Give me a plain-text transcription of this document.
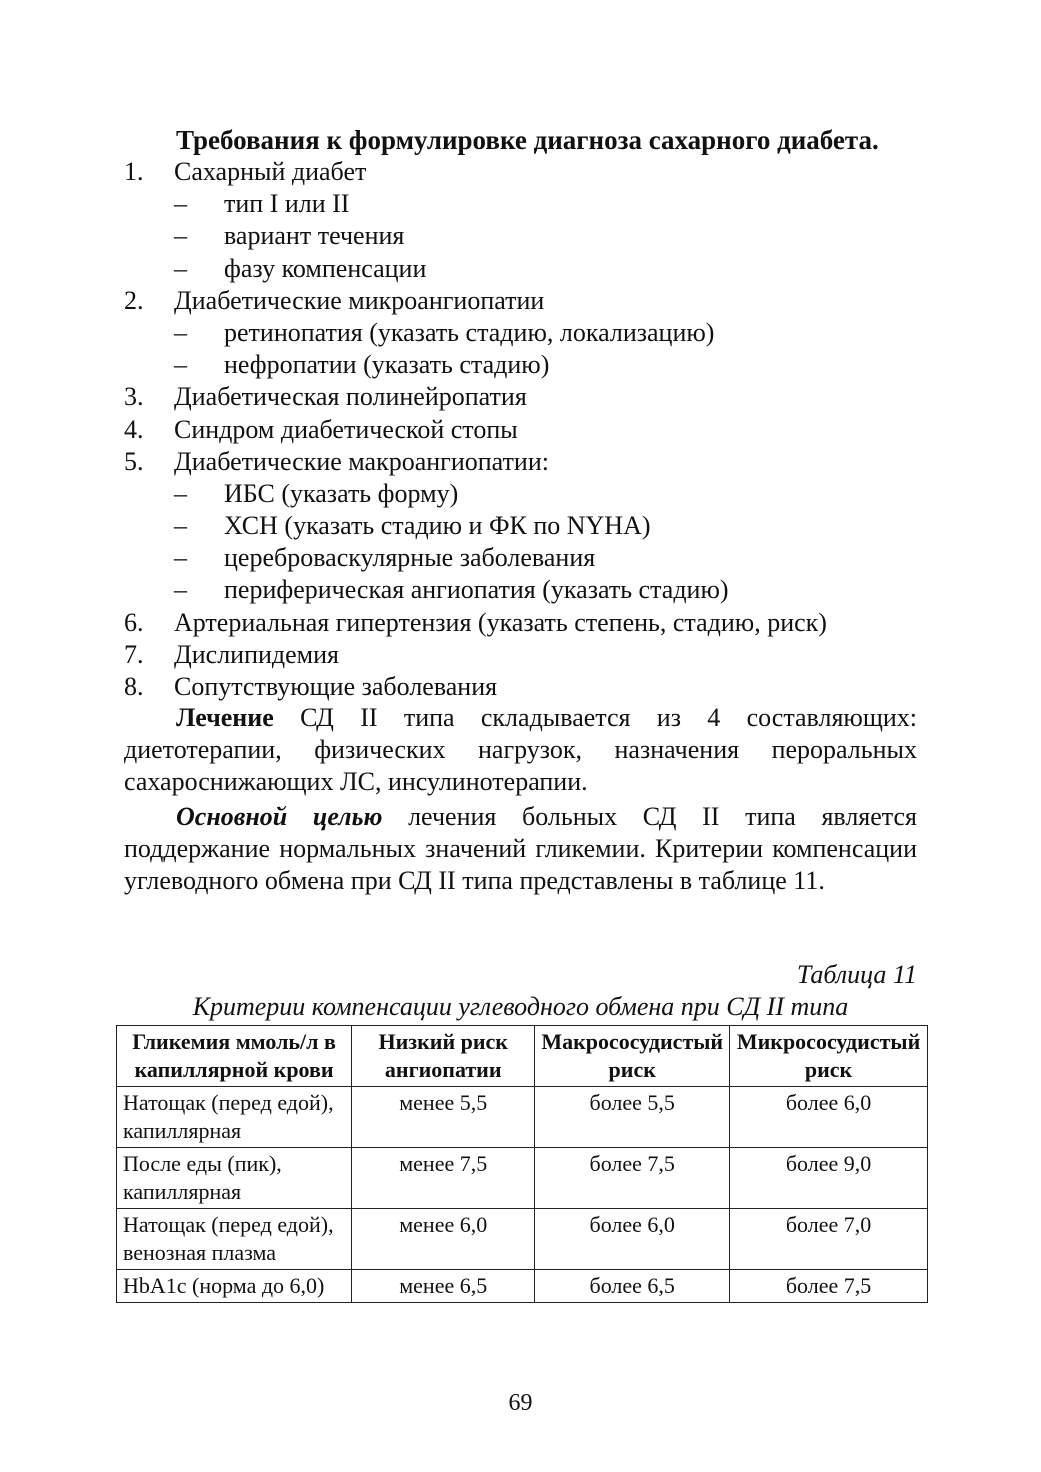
Требования к формулировке диагноза сахарного диабета.
1.	Сахарный диабет
–	тип I или II
–	вариант течения
–	фазу компенсации
2.	Диабетические микроангиопатии
–	ретинопатия (указать стадию, локализацию)
–	нефропатии (указать стадию)
3.	Диабетическая полинейропатия
4.	Синдром диабетической стопы
5.	Диабетические макроангиопатии:
–	ИБС (указать форму)
–	ХСН (указать стадию и ФК по NYHA)
–	цереброваскулярные заболевания
–	периферическая ангиопатия (указать стадию)
6.	Артериальная гипертензия (указать степень, стадию, риск)
7.	Дислипидемия
8.	Сопутствующие заболевания
Лечение СД II типа складывается из 4 составляющих: диетотерапии, физических нагрузок, назначения пероральных сахароснижающих ЛС, инсулинотерапии.
Основной целью лечения больных СД II типа является поддержание нормальных значений гликемии. Критерии компенсации углеводного обмена при СД II типа представлены в таблице 11.
Таблица 11
Критерии компенсации углеводного обмена при СД II типа
Гликемия ммоль/л в капиллярной крови	Низкий риск ангиопатии	Макрососудистый риск	Микрососудистый риск
Натощак (перед едой), капиллярная	менее 5,5	более 5,5	более 6,0
После еды (пик), капиллярная	менее 7,5	более 7,5	более 9,0
Натощак (перед едой), венозная плазма	менее 6,0	более 6,0	более 7,0
HbA1c (норма до 6,0)	менее 6,5	более 6,5	более 7,5
69
